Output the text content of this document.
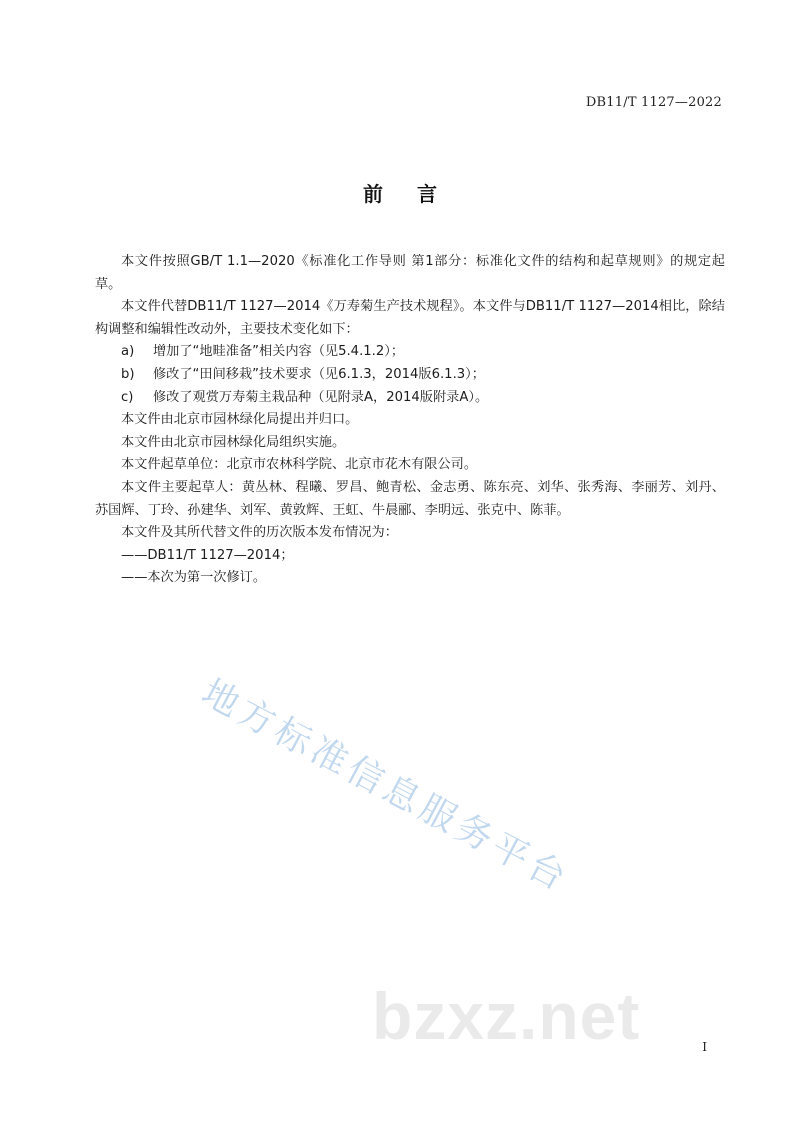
DB11/T 1127—2022
前言

本文件按照GB/T 1.1—2020《标准化工作导则 第1部分：标准化文件的结构和起草规则》的规定起草。

本文件代替DB11/T 1127—2014《万寿菊生产技术规程》。本文件与DB11/T 1127—2014相比，除结构调整和编辑性改动外，主要技术变化如下：

a) 增加了“地畦准备”相关内容（见5.4.1.2）；
b) 修改了“田间移栽”技术要求（见6.1.3，2014版6.1.3）；
c) 修改了观赏万寿菊主栽品种（见附录A，2014版附录A）。

本文件由北京市园林绿化局提出并归口。

本文件由北京市园林绿化局组织实施。

本文件起草单位：北京市农林科学院、北京市花木有限公司。

本文件主要起草人：黄丛林、程曦、罗昌、鲍青松、金志勇、陈东亮、刘华、张秀海、李丽芳、刘丹、苏国辉、丁玲、孙建华、刘军、黄敦辉、王虹、牛晨郦、李明远、张克中、陈菲。

本文件及其所代替文件的历次版本发布情况为：

——DB11/T 1127—2014；

——本次为第一次修订。

地方标准信息服务平台
bzxz.net	I
